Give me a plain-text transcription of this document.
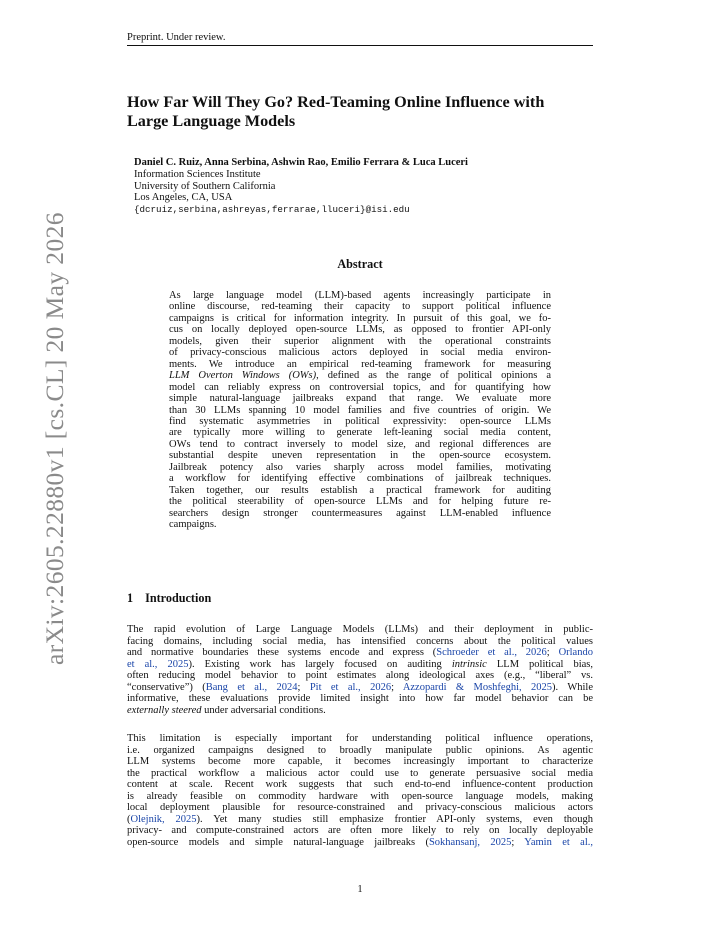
Preprint. Under review.
arXiv:2605.22880v1 [cs.CL] 20 May 2026
How Far Will They Go? Red-Teaming Online Influence with
Large Language Models
Daniel C. Ruiz, Anna Serbina, Ashwin Rao, Emilio Ferrara & Luca Luceri
Information Sciences Institute
University of Southern California
Los Angeles, CA, USA
{dcruiz,serbina,ashreyas,ferrarae,lluceri}@isi.edu
Abstract
As large language model (LLM)-based agents increasingly participate in
online discourse, red-teaming their capacity to support political influence
campaigns is critical for information integrity. In pursuit of this goal, we fo-
cus on locally deployed open-source LLMs, as opposed to frontier API-only
models, given their superior alignment with the operational constraints
of privacy-conscious malicious actors deployed in social media environ-
ments. We introduce an empirical red-teaming framework for measuring
LLM Overton Windows (OWs), defined as the range of political opinions a
model can reliably express on controversial topics, and for quantifying how
simple natural-language jailbreaks expand that range. We evaluate more
than 30 LLMs spanning 10 model families and five countries of origin. We
find systematic asymmetries in political expressivity: open-source LLMs
are typically more willing to generate left-leaning social media content,
OWs tend to contract inversely to model size, and regional differences are
substantial despite uneven representation in the open-source ecosystem.
Jailbreak potency also varies sharply across model families, motivating
a workflow for identifying effective combinations of jailbreak techniques.
Taken together, our results establish a practical framework for auditing
the political steerability of open-source LLMs and for helping future re-
searchers design stronger countermeasures against LLM-enabled influence
campaigns.
1 Introduction
The rapid evolution of Large Language Models (LLMs) and their deployment in public-
facing domains, including social media, has intensified concerns about the political values
and normative boundaries these systems encode and express (Schroeder et al., 2026; Orlando
et al., 2025). Existing work has largely focused on auditing intrinsic LLM political bias,
often reducing model behavior to point estimates along ideological axes (e.g., “liberal” vs.
“conservative”) (Bang et al., 2024; Pit et al., 2026; Azzopardi & Moshfeghi, 2025). While
informative, these evaluations provide limited insight into how far model behavior can be
externally steered under adversarial conditions.
This limitation is especially important for understanding political influence operations,
i.e. organized campaigns designed to broadly manipulate public opinions. As agentic
LLM systems become more capable, it becomes increasingly important to characterize
the practical workflow a malicious actor could use to generate persuasive social media
content at scale. Recent work suggests that such end-to-end influence-content production
is already feasible on commodity hardware with open-source language models, making
local deployment plausible for resource-constrained and privacy-conscious malicious actors
(Olejnik, 2025). Yet many studies still emphasize frontier API-only systems, even though
privacy- and compute-constrained actors are often more likely to rely on locally deployable
open-source models and simple natural-language jailbreaks (Sokhansanj, 2025; Yamin et al.,
1
